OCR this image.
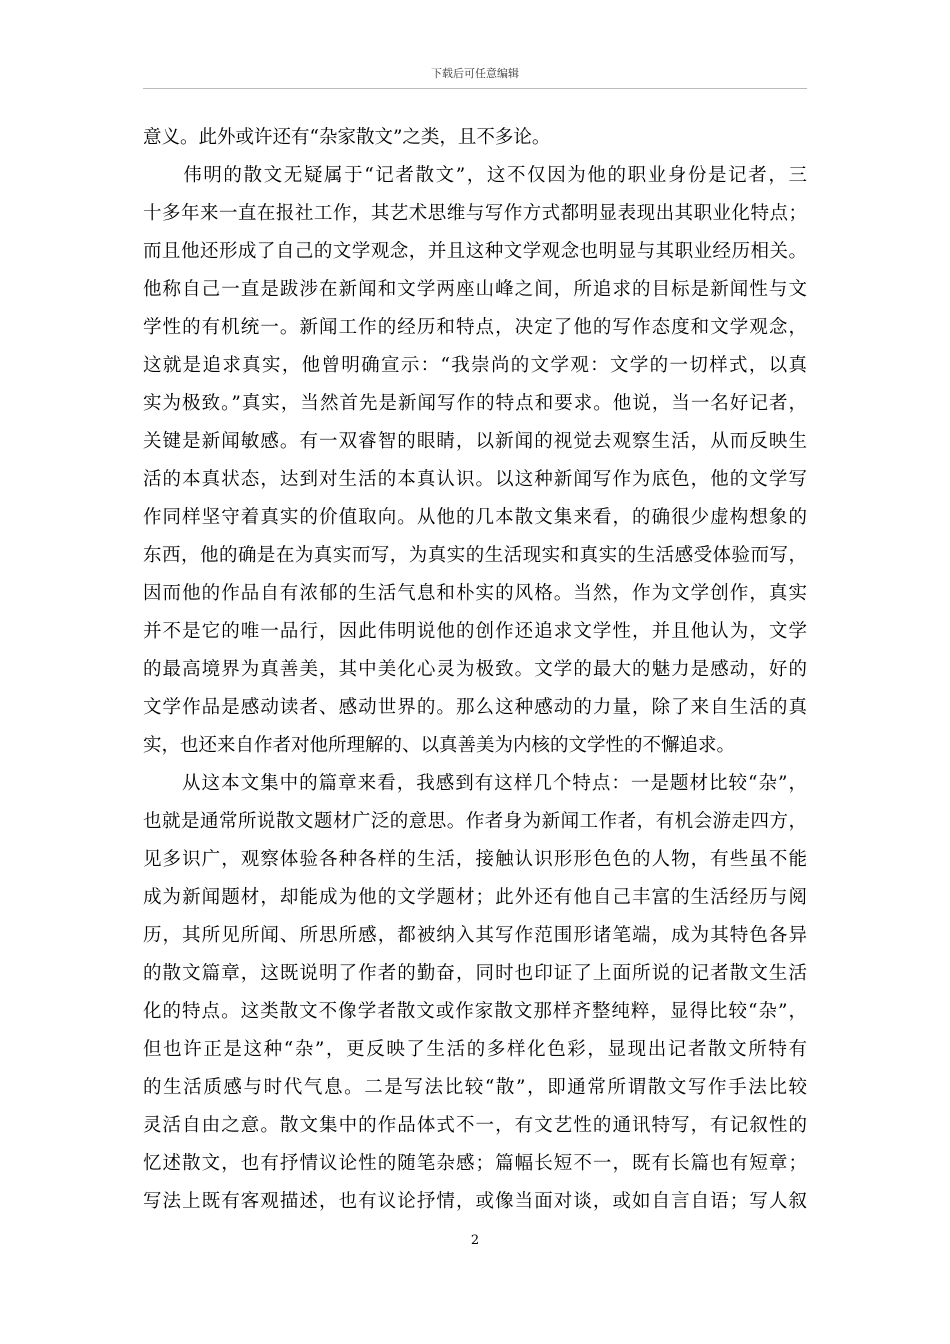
下载后可任意编辑
意义。此外或许还有“杂家散文”之类，且不多论。
　　伟明的散文无疑属于“记者散文”，这不仅因为他的职业身份是记者，三
十多年来一直在报社工作，其艺术思维与写作方式都明显表现出其职业化特点；
而且他还形成了自己的文学观念，并且这种文学观念也明显与其职业经历相关。
他称自己一直是跋涉在新闻和文学两座山峰之间，所追求的目标是新闻性与文
学性的有机统一。新闻工作的经历和特点，决定了他的写作态度和文学观念，
这就是追求真实，他曾明确宣示：“我崇尚的文学观：文学的一切样式，以真
实为极致。”真实，当然首先是新闻写作的特点和要求。他说，当一名好记者，
关键是新闻敏感。有一双睿智的眼睛，以新闻的视觉去观察生活，从而反映生
活的本真状态，达到对生活的本真认识。以这种新闻写作为底色，他的文学写
作同样坚守着真实的价值取向。从他的几本散文集来看，的确很少虚构想象的
东西，他的确是在为真实而写，为真实的生活现实和真实的生活感受体验而写，
因而他的作品自有浓郁的生活气息和朴实的风格。当然，作为文学创作，真实
并不是它的唯一品行，因此伟明说他的创作还追求文学性，并且他认为，文学
的最高境界为真善美，其中美化心灵为极致。文学的最大的魅力是感动，好的
文学作品是感动读者、感动世界的。那么这种感动的力量，除了来自生活的真
实，也还来自作者对他所理解的、以真善美为内核的文学性的不懈追求。
　　从这本文集中的篇章来看，我感到有这样几个特点：一是题材比较“杂”，
也就是通常所说散文题材广泛的意思。作者身为新闻工作者，有机会游走四方，
见多识广，观察体验各种各样的生活，接触认识形形色色的人物，有些虽不能
成为新闻题材，却能成为他的文学题材；此外还有他自己丰富的生活经历与阅
历，其所见所闻、所思所感，都被纳入其写作范围形诸笔端，成为其特色各异
的散文篇章，这既说明了作者的勤奋，同时也印证了上面所说的记者散文生活
化的特点。这类散文不像学者散文或作家散文那样齐整纯粹，显得比较“杂”，
但也许正是这种“杂”，更反映了生活的多样化色彩，显现出记者散文所特有
的生活质感与时代气息。二是写法比较“散”，即通常所谓散文写作手法比较
灵活自由之意。散文集中的作品体式不一，有文艺性的通讯特写，有记叙性的
忆述散文，也有抒情议论性的随笔杂感；篇幅长短不一，既有长篇也有短章；
写法上既有客观描述，也有议论抒情，或像当面对谈，或如自言自语；写人叙
2
